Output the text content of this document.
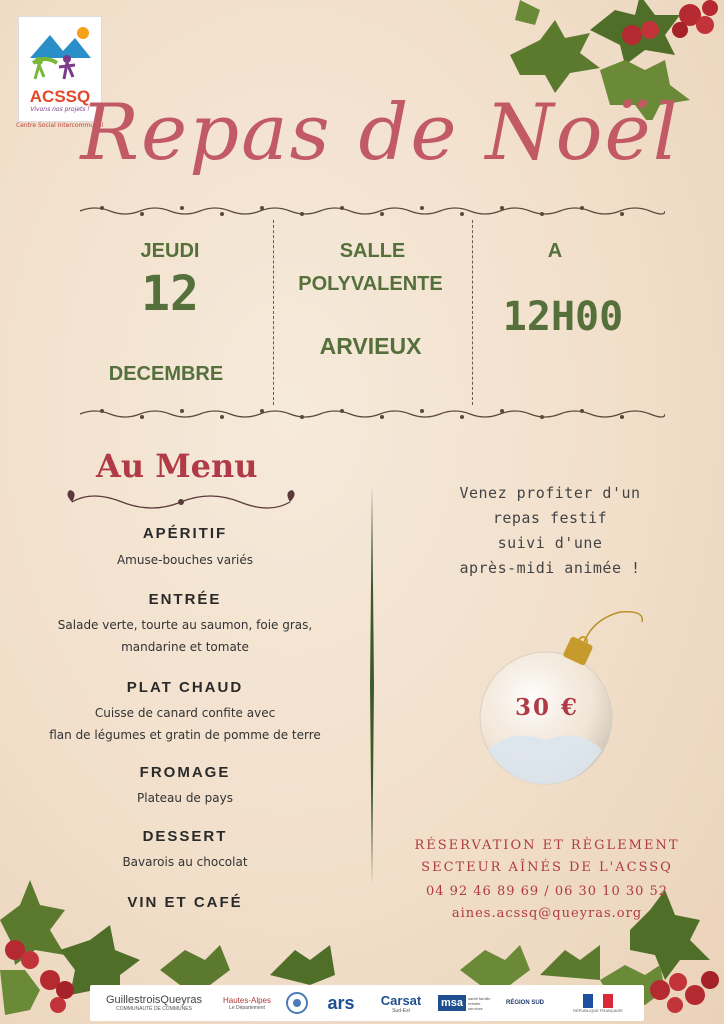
ACSSQ
Vivons nos projets !
Centre Social Intercommunal
Repas de Noël
JEUDI
12
DECEMBRE
SALLE
POLYVALENTE
ARVIEUX
A
12H00
Au Menu
APÉRITIF
Amuse-bouches variés
ENTRÉE
Salade verte, tourte au saumon, foie gras,
mandarine et tomate
PLAT CHAUD
Cuisse de canard confite avec
flan de légumes et gratin de pomme de terre
FROMAGE
Plateau de pays
DESSERT
Bavarois au chocolat
VIN ET CAFÉ
Venez profiter d'un
repas festif
suivi d'une
après-midi animée !
30 €
RÉSERVATION ET RÈGLEMENT
SECTEUR AÎNÉS DE L'ACSSQ
04 92 46 89 69 / 06 30 10 30 52
aines.acssq@queyras.org
GuillestroisQueyras
COMMUNAUTÉ DE COMMUNES
Hautes-Alpes
Le Département	ars Carsat
Sud-Est
msa	santé famille retraite services
RÉGION SUD
RÉPUBLIQUE FRANÇAISE
